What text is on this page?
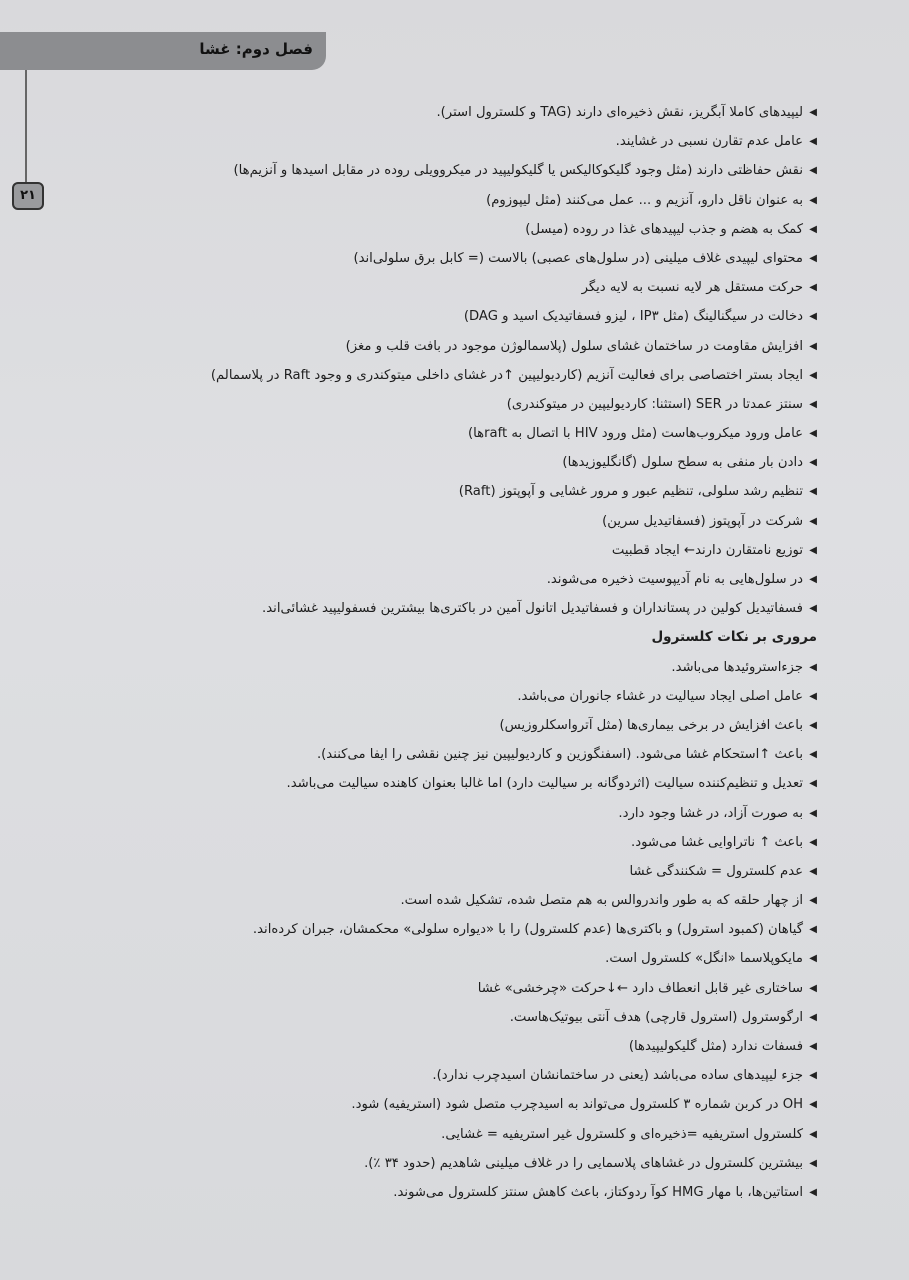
فصل دوم: غشا
۲۱
◀
لیپیدهای کاملا آبگریز، نقش ذخیره‌ای دارند (TAG و کلسترول استر).
◀
عامل عدم تقارن نسبی در غشایند.
◀
نقش حفاظتی دارند (مثل وجود گلیکوکالیکس یا گلیکولیپید در میکروویلی روده در مقابل اسیدها و آنزیم‌ها)
◀
به عنوان ناقل دارو، آنزیم و ... عمل می‌کنند (مثل لیپوزوم)
◀
کمک به هضم و جذب لیپیدهای غذا در روده (میسل)
◀
محتوای لیپیدی غلاف میلینی (در سلول‌های عصبی) بالاست (= کابل برق سلولی‌اند)
◀
حرکت مستقل هر لایه نسبت به لایه دیگر
◀
دخالت در سیگنالینگ (مثل IP۳ ، لیزو فسفاتیدیک اسید و DAG)
◀
افزایش مقاومت در ساختمان غشای سلول (پلاسمالوژن موجود در بافت قلب و مغز)
◀
ایجاد بستر اختصاصی برای فعالیت آنزیم (کاردیولیپین ↑در غشای داخلی میتوکندری و وجود Raft در پلاسمالم)
◀
سنتز عمدتا در SER (استثنا: کاردیولیپین در میتوکندری)
◀
عامل ورود میکروب‌هاست (مثل ورود HIV با اتصال به raftها)
◀
دادن بار منفی به سطح سلول (گانگلیوزیدها)
◀
تنظیم رشد سلولی، تنظیم عبور و مرور غشایی و آپوپتوز (Raft)
◀
شرکت در آپوپتوز (فسفاتیدیل سرین)
◀
توزیع نامتقارن دارند← ایجاد قطبیت
◀
در سلول‌هایی به نام آدیپوسیت ذخیره می‌شوند.
◀
فسفاتیدیل کولین در پستانداران و فسفاتیدیل اتانول آمین در باکتری‌ها بیشترین فسفولیپید غشائی‌اند.
مروری بر نکات کلسترول
◀
جزءاستروئیدها می‌باشد.
◀
عامل اصلی ایجاد سیالیت در غشاء جانوران می‌باشد.
◀
باعث افزایش در برخی بیماری‌ها (مثل آترواسکلروزیس)
◀
باعث ↑استحکام غشا می‌شود. (اسفنگوزین و کاردیولیپین نیز چنین نقشی را ایفا می‌کنند).
◀
تعدیل و تنظیم‌کننده سیالیت (اثردوگانه بر سیالیت دارد) اما غالبا بعنوان کاهنده سیالیت می‌باشد.
◀
به صورت آزاد، در غشا وجود دارد.
◀
باعث ↑ ناتراوایی غشا می‌شود.
◀
عدم کلسترول = شکنندگی غشا
◀
از چهار حلقه که به طور واندروالس به هم متصل شده، تشکیل شده است.
◀
گیاهان (کمبود استرول) و باکتری‌ها (عدم کلسترول) را با «دیواره سلولی» محکمشان، جبران کرده‌اند.
◀
مایکوپلاسما «انگل» کلسترول است.
◀
ساختاری غیر قابل انعطاف دارد ←↓حرکت «چرخشی» غشا
◀
ارگوسترول (استرول قارچی) هدف آنتی بیوتیک‌هاست.
◀
فسفات ندارد (مثل گلیکولیپیدها)
◀
جزء لیپیدهای ساده می‌باشد (یعنی در ساختمانشان اسیدچرب ندارد).
◀
OH در کربن شماره ۳ کلسترول می‌تواند به اسیدچرب متصل شود (استریفیه) شود.
◀
کلسترول استریفیه =ذخیره‌ای و کلسترول غیر استریفیه = غشایی.
◀
بیشترین کلسترول در غشاهای پلاسمایی را در غلاف میلینی شاهدیم (حدود ۳۴ ٪).
◀
استاتین‌ها، با مهار HMG کوآ ردوکتاز، باعث کاهش سنتز کلسترول می‌شوند.
